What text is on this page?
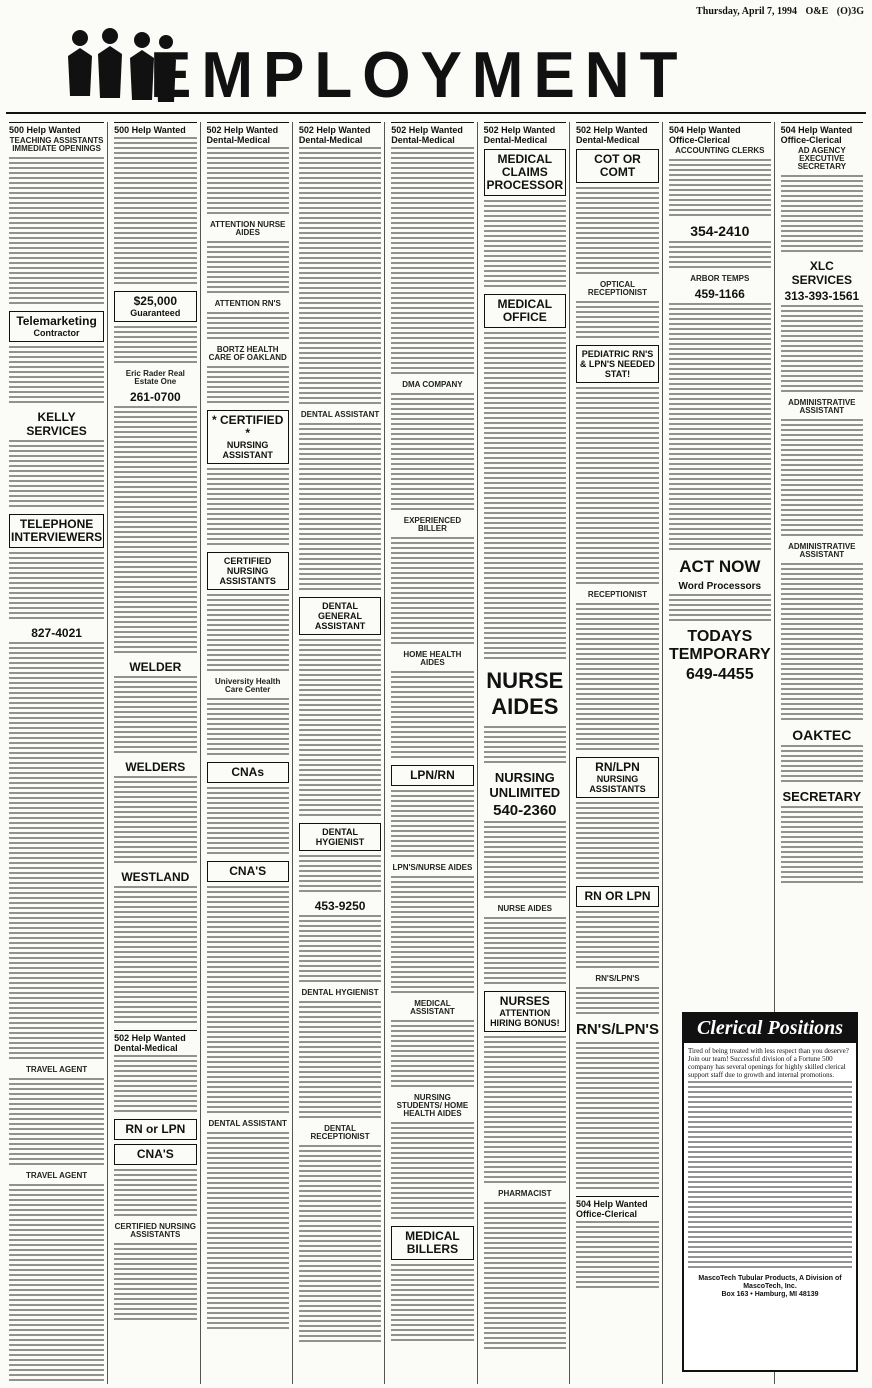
Thursday, April 7, 1994 O&E (O)3G
EMPLOYMENT
500 Help Wanted
TEACHING ASSISTANTS IMMEDIATE OPENINGS
Telemarketing
Contractor
KELLY SERVICES
TELEPHONE INTERVIEWERS
827-4021
TRAVEL AGENT
TRAVEL AGENT
500 Help Wanted
$25,000
Guaranteed
Eric Rader Real Estate One
261-0700
WELDER
WELDERS
WESTLAND
502 Help Wanted Dental-Medical
RN or LPN
CNA'S
CERTIFIED NURSING ASSISTANTS
502 Help Wanted
Dental-Medical
ATTENTION NURSE AIDES
ATTENTION RN'S
BORTZ HEALTH CARE OF OAKLAND
* CERTIFIED *
NURSING ASSISTANT
CERTIFIED NURSING ASSISTANTS
University Health Care Center
CNAs
CNA'S
DENTAL ASSISTANT
502 Help Wanted
Dental-Medical
DENTAL ASSISTANT
DENTAL GENERAL ASSISTANT
DENTAL HYGIENIST
453-9250
DENTAL HYGIENIST
DENTAL RECEPTIONIST
502 Help Wanted
Dental-Medical
DMA COMPANY
EXPERIENCED BILLER
HOME HEALTH AIDES
LPN/RN
LPN'S/NURSE AIDES
MEDICAL ASSISTANT
NURSING STUDENTS/ HOME HEALTH AIDES
MEDICAL BILLERS
502 Help Wanted
Dental-Medical
MEDICAL CLAIMS PROCESSOR
MEDICAL OFFICE
NURSE AIDES
NURSING UNLIMITED
540-2360
NURSE AIDES
NURSES
ATTENTION HIRING BONUS!
PHARMACIST
502 Help Wanted
Dental-Medical
COT OR COMT
OPTICAL RECEPTIONIST
PEDIATRIC RN'S & LPN'S NEEDED STAT!
RECEPTIONIST
RN/LPN
NURSING ASSISTANTS
RN OR LPN
RN'S/LPN'S
RN'S/LPN'S
504 Help Wanted
Office-Clerical
504 Help Wanted
Office-Clerical
ACCOUNTING CLERKS
354-2410
ARBOR TEMPS
459-1166
ACT NOW
Word Processors
TODAYS TEMPORARY
649-4455
504 Help Wanted
Office-Clerical
AD AGENCY EXECUTIVE SECRETARY
XLC SERVICES
313-393-1561
ADMINISTRATIVE ASSISTANT
ADMINISTRATIVE ASSISTANT
OAKTEC
SECRETARY
Clerical Positions
Tired of being treated with less respect than you deserve? Join our team! Successful division of a Fortune 500 company has several openings for highly skilled clerical support staff due to growth and internal promotions.
MascoTech Tubular Products, A Division of MascoTech, Inc.
Box 163 • Hamburg, MI 48139
